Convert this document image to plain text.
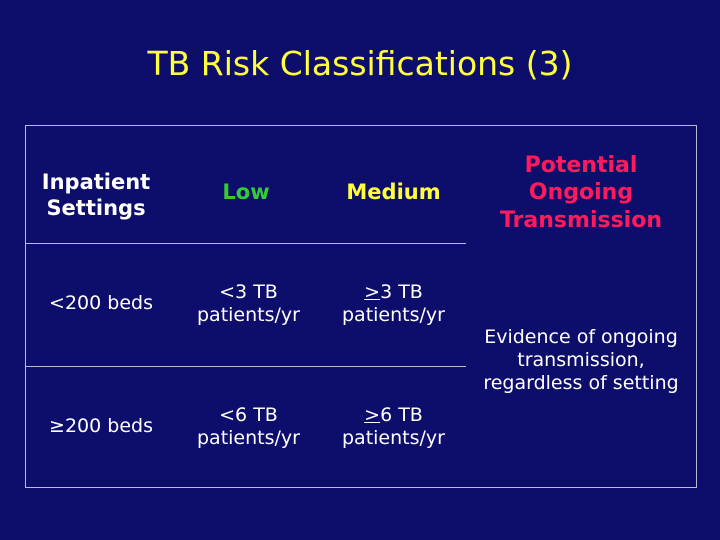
TB Risk Classifications (3)
Inpatient
Settings
Low	Medium
Potential
Ongoing
Transmission
<200 beds
<3 TB
patients/yr
>3 TB
patients/yr
≥200 beds
<6 TB
patients/yr
>6 TB
patients/yr
Evidence of ongoing
transmission,
regardless of setting
